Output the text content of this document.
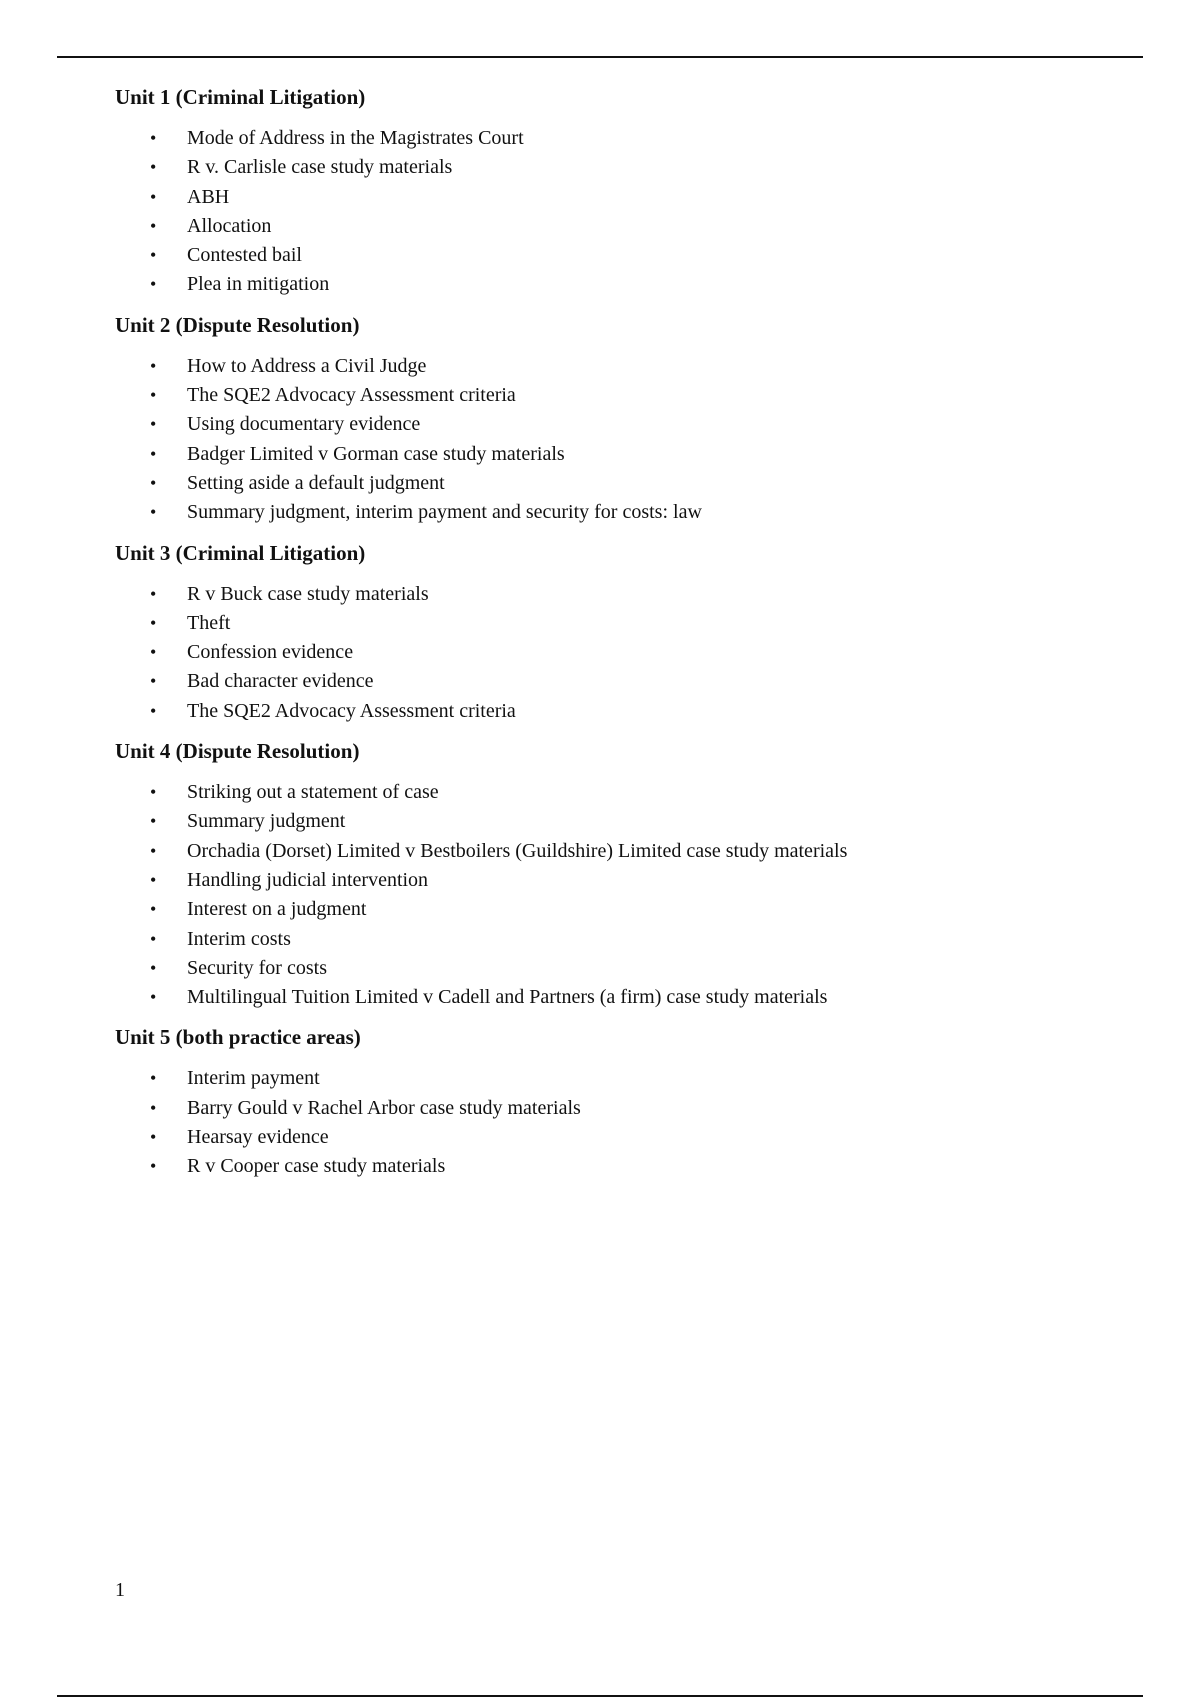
Unit 1 (Criminal Litigation)
• Mode of Address in the Magistrates Court
• R v. Carlisle case study materials
• ABH
• Allocation
• Contested bail
• Plea in mitigation
Unit 2 (Dispute Resolution)
• How to Address a Civil Judge
• The SQE2 Advocacy Assessment criteria
• Using documentary evidence
• Badger Limited v Gorman case study materials
• Setting aside a default judgment
• Summary judgment, interim payment and security for costs: law
Unit 3 (Criminal Litigation)
• R v Buck case study materials
• Theft
• Confession evidence
• Bad character evidence
• The SQE2 Advocacy Assessment criteria
Unit 4 (Dispute Resolution)
• Striking out a statement of case
• Summary judgment
• Orchadia (Dorset) Limited v Bestboilers (Guildshire) Limited case study materials
• Handling judicial intervention
• Interest on a judgment
• Interim costs
• Security for costs
• Multilingual Tuition Limited v Cadell and Partners (a firm) case study materials
Unit 5 (both practice areas)
• Interim payment
• Barry Gould v Rachel Arbor case study materials
• Hearsay evidence
• R v Cooper case study materials
1
